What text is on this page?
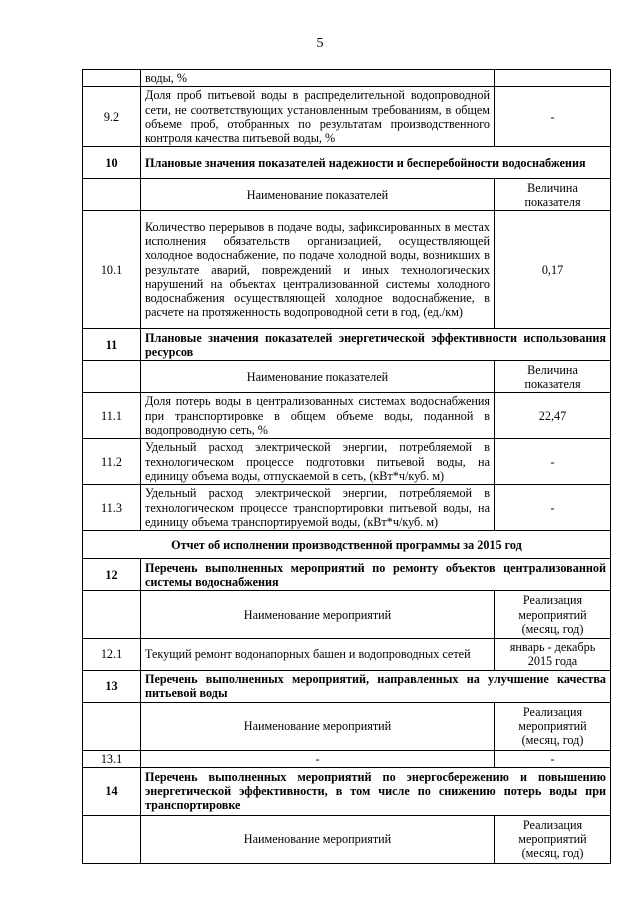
5
	воды, %	
9.2	Доля проб питьевой воды в распределительной водопроводной сети, не соответствующих установленным требованиям, в общем объеме проб, отобранных по результатам производственного контроля качества питьевой воды, %	-
10	Плановые значения показателей надежности и бесперебойности водоснабжения	
	Наименование показателей	Величина показателя
10.1	Количество перерывов в подаче воды, зафиксированных в местах исполнения обязательств организацией, осуществляющей холодное водоснабжение, по подаче холодной воды, возникших в результате аварий, повреждений и иных технологических нарушений на объектах централизованной системы холодного водоснабжения осуществляющей холодное водоснабжение, в расчете на протяженность водопроводной сети в год, (ед./км)	0,17
11	Плановые значения показателей энергетической эффективности использования ресурсов	
	Наименование показателей	Величина показателя
11.1	Доля потерь воды в централизованных системах водоснабжения при транспортировке в общем объеме воды, поданной в водопроводную сеть, %	22,47
11.2	Удельный расход электрической энергии, потребляемой в технологическом процессе подготовки питьевой воды, на единицу объема воды, отпускаемой в сеть, (кВт*ч/куб. м)	-
11.3	Удельный расход электрической энергии, потребляемой в технологическом процессе транспортировки питьевой воды, на единицу объема транспортируемой воды, (кВт*ч/куб. м)	-
Отчет об исполнении производственной программы за 2015 год		
12	Перечень выполненных мероприятий по ремонту объектов централизованной системы водоснабжения	
	Наименование мероприятий	Реализация мероприятий (месяц, год)
12.1	Текущий ремонт водонапорных башен и водопроводных сетей	январь - декабрь 2015 года
13	Перечень выполненных мероприятий, направленных на улучшение качества питьевой воды	
	Наименование мероприятий	Реализация мероприятий (месяц, год)
13.1	-	-
14	Перечень выполненных мероприятий по энергосбережению и повышению энергетической эффективности, в том числе по снижению потерь воды при транспортировке	
	Наименование мероприятий	Реализация мероприятий (месяц, год)
